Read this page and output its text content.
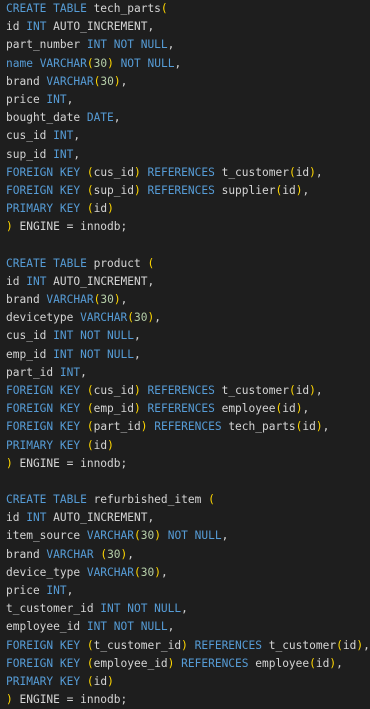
CREATE TABLE tech_parts(
id INT AUTO_INCREMENT,
part_number INT NOT NULL,
name VARCHAR(30) NOT NULL,
brand VARCHAR(30),
price INT,
bought_date DATE,
cus_id INT,
sup_id INT,
FOREIGN KEY (cus_id) REFERENCES t_customer(id),
FOREIGN KEY (sup_id) REFERENCES supplier(id),
PRIMARY KEY (id)
) ENGINE = innodb;

CREATE TABLE product (
id INT AUTO_INCREMENT,
brand VARCHAR(30),
devicetype VARCHAR(30),
cus_id INT NOT NULL,
emp_id INT NOT NULL,
part_id INT,
FOREIGN KEY (cus_id) REFERENCES t_customer(id),
FOREIGN KEY (emp_id) REFERENCES employee(id),
FOREIGN KEY (part_id) REFERENCES tech_parts(id),
PRIMARY KEY (id)
) ENGINE = innodb;

CREATE TABLE refurbished_item (
id INT AUTO_INCREMENT,
item_source VARCHAR(30) NOT NULL,
brand VARCHAR (30),
device_type VARCHAR(30),
price INT,
t_customer_id INT NOT NULL,
employee_id INT NOT NULL,
FOREIGN KEY (t_customer_id) REFERENCES t_customer(id),
FOREIGN KEY (employee_id) REFERENCES employee(id),
PRIMARY KEY (id)
) ENGINE = innodb;
